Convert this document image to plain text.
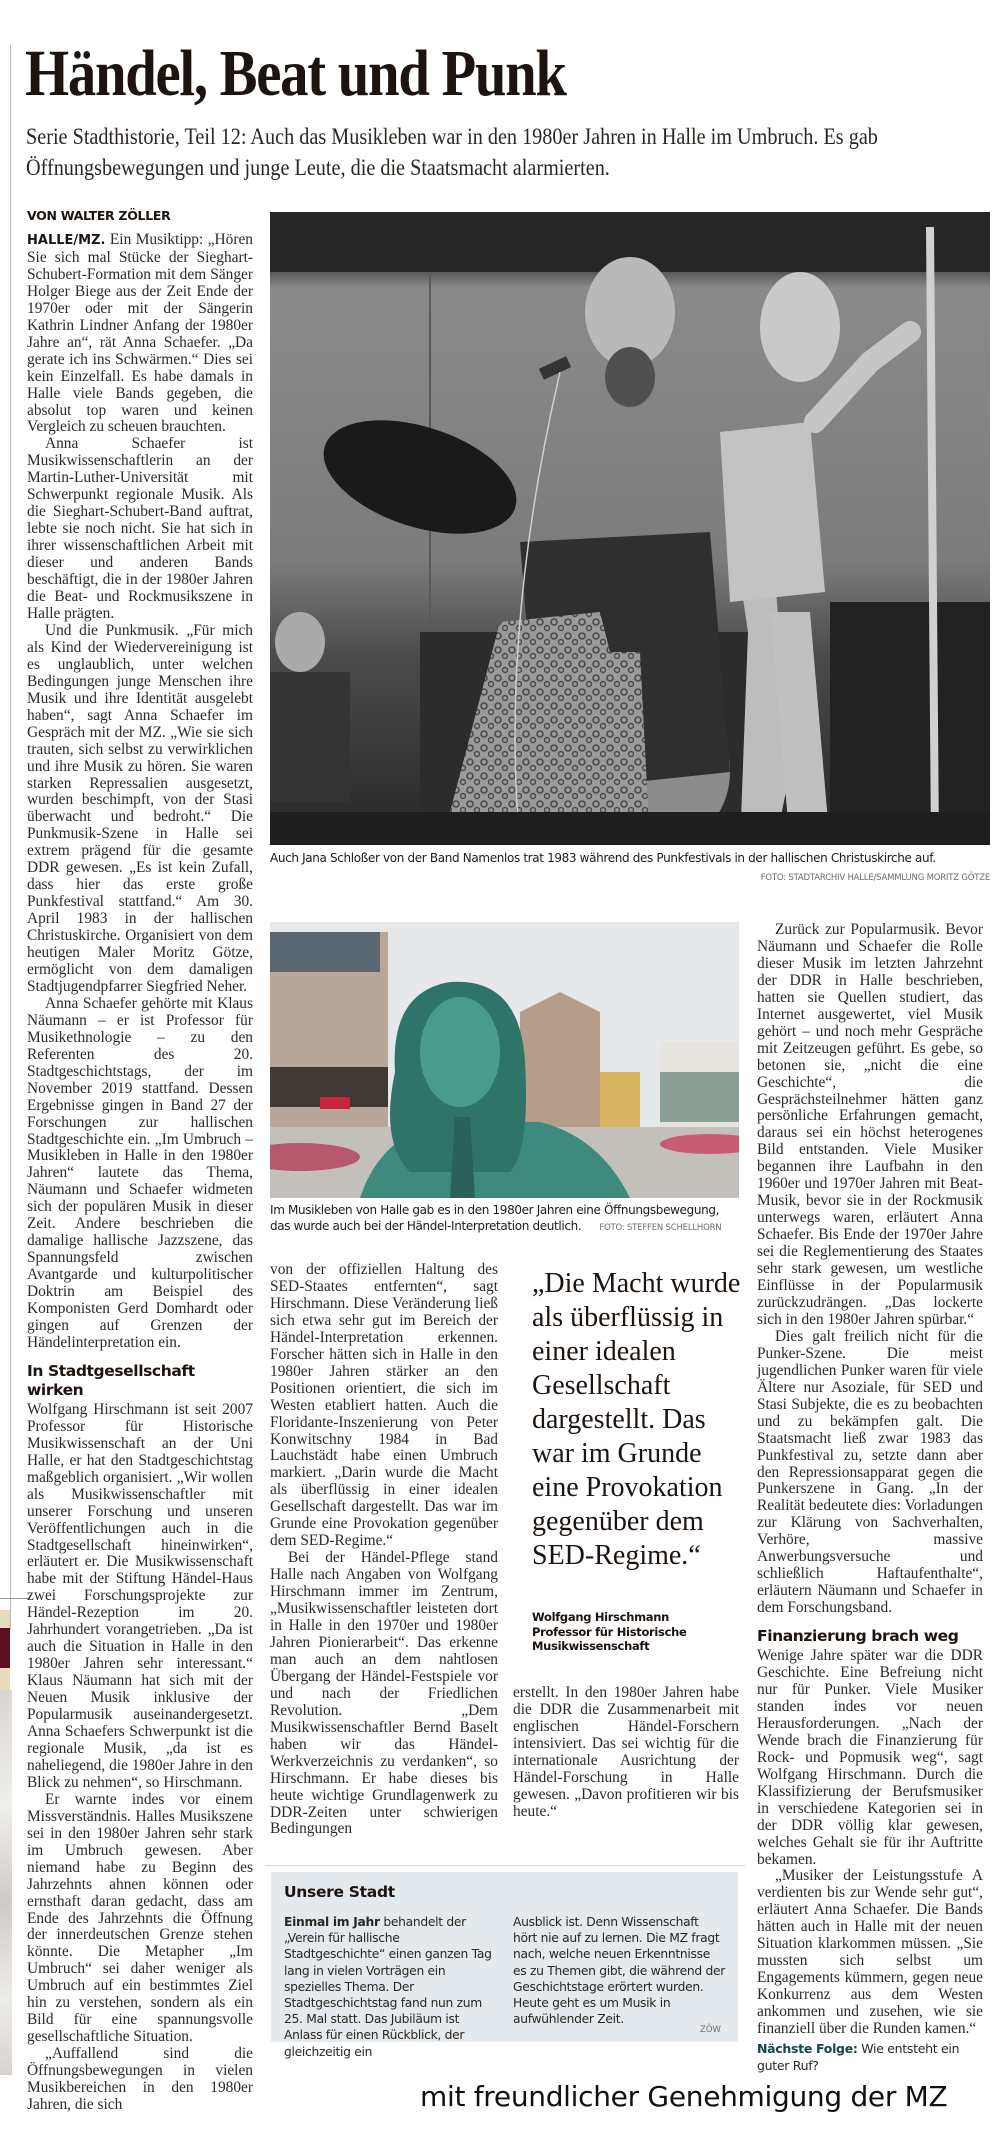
Händel, Beat und Punk
Serie Stadthistorie, Teil 12: Auch das Musikleben war in den 1980er Jahren in Halle im Umbruch. Es gab Öffnungsbewegungen und junge Leute, die die Staatsmacht alarmierten.
VON WALTER ZÖLLER

HALLE/MZ. Ein Musiktipp: „Hören Sie sich mal Stücke der Sieghart-Schubert-Formation mit dem Sänger Holger Biege aus der Zeit Ende der 1970er oder mit der Sängerin Kathrin Lindner Anfang der 1980er Jahre an“, rät Anna Schaefer. „Da gerate ich ins Schwärmen.“ Dies sei kein Einzelfall. Es habe damals in Halle viele Bands gegeben, die absolut top waren und keinen Vergleich zu scheuen brauchten.

Anna Schaefer ist Musikwissenschaftlerin an der Martin-Luther-Universität mit Schwerpunkt regionale Musik. Als die Sieghart-Schubert-Band auftrat, lebte sie noch nicht. Sie hat sich in ihrer wissenschaftlichen Arbeit mit dieser und anderen Bands beschäftigt, die in der 1980er Jahren die Beat- und Rockmusikszene in Halle prägten.

Und die Punkmusik. „Für mich als Kind der Wiedervereinigung ist es unglaublich, unter welchen Bedingungen junge Menschen ihre Musik und ihre Identität ausgelebt haben“, sagt Anna Schaefer im Gespräch mit der MZ. „Wie sie sich trauten, sich selbst zu verwirklichen und ihre Musik zu hören. Sie waren starken Repressalien ausgesetzt, wurden beschimpft, von der Stasi überwacht und bedroht.“ Die Punkmusik-Szene in Halle sei extrem prägend für die gesamte DDR gewesen. „Es ist kein Zufall, dass hier das erste große Punkfestival stattfand.“ Am 30. April 1983 in der hallischen Christuskirche. Organisiert von dem heutigen Maler Moritz Götze, ermöglicht von dem damaligen Stadtjugendpfarrer Siegfried Neher.

Anna Schaefer gehörte mit Klaus Näumann – er ist Professor für Musikethnologie – zu den Referenten des 20. Stadtgeschichtstags, der im November 2019 stattfand. Dessen Ergebnisse gingen in Band 27 der Forschungen zur hallischen Stadtgeschichte ein. „Im Umbruch – Musikleben in Halle in den 1980er Jahren“ lautete das Thema, Näumann und Schaefer widmeten sich der populären Musik in dieser Zeit. Andere beschrieben die damalige hallische Jazzszene, das Spannungsfeld zwischen Avantgarde und kulturpolitischer Doktrin am Beispiel des Komponisten Gerd Domhardt oder gingen auf Grenzen der Händelinterpretation ein.

In Stadtgesellschaft wirken

Wolfgang Hirschmann ist seit 2007 Professor für Historische Musikwissenschaft an der Uni Halle, er hat den Stadtgeschichtstag maßgeblich organisiert. „Wir wollen als Musikwissenschaftler mit unserer Forschung und unseren Veröffentlichungen auch in die Stadtgesellschaft hineinwirken“, erläutert er. Die Musikwissenschaft habe mit der Stiftung Händel-Haus zwei Forschungsprojekte zur Händel-Rezeption im 20. Jahrhundert vorangetrieben. „Da ist auch die Situation in Halle in den 1980er Jahren sehr interessant.“ Klaus Näumann hat sich mit der Neuen Musik inklusive der Popularmusik auseinandergesetzt. Anna Schaefers Schwerpunkt ist die regionale Musik, „da ist es naheliegend, die 1980er Jahre in den Blick zu nehmen“, so Hirschmann.

Er warnte indes vor einem Missverständnis. Halles Musikszene sei in den 1980er Jahren sehr stark im Umbruch gewesen. Aber niemand habe zu Beginn des Jahrzehnts ahnen können oder ernsthaft daran gedacht, dass am Ende des Jahrzehnts die Öffnung der innerdeutschen Grenze stehen könnte. Die Metapher „Im Umbruch“ sei daher weniger als Umbruch auf ein bestimmtes Ziel hin zu verstehen, sondern als ein Bild für eine spannungsvolle gesellschaftliche Situation.

„Auffallend sind die Öffnungsbewegungen in vielen Musikbereichen in den 1980er Jahren, die sich

Auch Jana Schloßer von der Band Namenlos trat 1983 während des Punkfestivals in der hallischen Christuskirche auf.
FOTO: STADTARCHIV HALLE/SAMMLUNG MORITZ GÖTZE
Im Musikleben von Halle gab es in den 1980er Jahren eine Öffnungsbewegung, das wurde auch bei der Händel-Interpretation deutlich. FOTO: STEFFEN SCHELLHORN

von der offiziellen Haltung des SED-Staates entfernten“, sagt Hirschmann. Diese Veränderung ließ sich etwa sehr gut im Bereich der Händel-Interpretation erkennen. Forscher hätten sich in Halle in den 1980er Jahren stärker an den Positionen orientiert, die sich im Westen etabliert hatten. Auch die Floridante-Inszenierung von Peter Konwitschny 1984 in Bad Lauchstädt habe einen Umbruch markiert. „Darin wurde die Macht als überflüssig in einer idealen Gesellschaft dargestellt. Das war im Grunde eine Provokation gegenüber dem SED-Regime.“

Bei der Händel-Pflege stand Halle nach Angaben von Wolfgang Hirschmann immer im Zentrum, „Musikwissenschaftler leisteten dort in Halle in den 1970er und 1980er Jahren Pionierarbeit“. Das erkenne man auch an dem nahtlosen Übergang der Händel-Festspiele vor und nach der Friedlichen Revolution. „Dem Musikwissenschaftler Bernd Baselt haben wir das Händel-Werkverzeichnis zu verdanken“, so Hirschmann. Er habe dieses bis heute wichtige Grundlagenwerk zu DDR-Zeiten unter schwierigen Bedingungen

„Die Macht wurde als überflüssig in einer idealen Gesellschaft dargestellt. Das war im Grunde eine Provokation gegenüber dem SED-Regime.“
Wolfgang Hirschmann
Professor für Historische Musikwissenschaft

erstellt. In den 1980er Jahren habe die DDR die Zusammenarbeit mit englischen Händel-Forschern intensiviert. Das sei wichtig für die internationale Ausrichtung der Händel-Forschung in Halle gewesen. „Davon profitieren wir bis heute.“

Zurück zur Popularmusik. Bevor Näumann und Schaefer die Rolle dieser Musik im letzten Jahrzehnt der DDR in Halle beschrieben, hatten sie Quellen studiert, das Internet ausgewertet, viel Musik gehört – und noch mehr Gespräche mit Zeitzeugen geführt. Es gebe, so betonen sie, „nicht die eine Geschichte“, die Gesprächsteilnehmer hätten ganz persönliche Erfahrungen gemacht, daraus sei ein höchst heterogenes Bild entstanden. Viele Musiker begannen ihre Laufbahn in den 1960er und 1970er Jahren mit Beat-Musik, bevor sie in der Rockmusik unterwegs waren, erläutert Anna Schaefer. Bis Ende der 1970er Jahre sei die Reglementierung des Staates sehr stark gewesen, um westliche Einflüsse in der Popularmusik zurückzudrängen. „Das lockerte sich in den 1980er Jahren spürbar.“

Dies galt freilich nicht für die Punker-Szene. Die meist jugendlichen Punker waren für viele Ältere nur Asoziale, für SED und Stasi Subjekte, die es zu beobachten und zu bekämpfen galt. Die Staatsmacht ließ zwar 1983 das Punkfestival zu, setzte dann aber den Repressionsapparat gegen die Punkerszene in Gang. „In der Realität bedeutete dies: Vorladungen zur Klärung von Sachverhalten, Verhöre, massive Anwerbungsversuche und schließlich Haftaufenthalte“, erläutern Näumann und Schaefer in dem Forschungsband.

Finanzierung brach weg

Wenige Jahre später war die DDR Geschichte. Eine Befreiung nicht nur für Punker. Viele Musiker standen indes vor neuen Herausforderungen. „Nach der Wende brach die Finanzierung für Rock- und Popmusik weg“, sagt Wolfgang Hirschmann. Durch die Klassifizierung der Berufsmusiker in verschiedene Kategorien sei in der DDR völlig klar gewesen, welches Gehalt sie für ihr Auftritte bekamen.

„Musiker der Leistungsstufe A verdienten bis zur Wende sehr gut“, erläutert Anna Schaefer. Die Bands hätten auch in Halle mit der neuen Situation klarkommen müssen. „Sie mussten sich selbst um Engagements kümmern, gegen neue Konkurrenz aus dem Westen ankommen und zusehen, wie sie finanziell über die Runden kamen.“

Unsere Stadt
Einmal im Jahr behandelt der „Verein für hallische Stadtgeschichte“ einen ganzen Tag lang in vielen Vorträgen ein spezielles Thema. Der Stadtgeschichtstag fand nun zum 25. Mal statt. Das Jubiläum ist Anlass für einen Rückblick, der gleichzeitig ein
Ausblick ist. Denn Wissenschaft hört nie auf zu lernen. Die MZ fragt nach, welche neuen Erkenntnisse es zu Themen gibt, die während der Geschichtstage erörtert wurden. Heute geht es um Musik in aufwühlender Zeit.
ZÖW
Nächste Folge: Wie entsteht ein guter Ruf?
mit freundlicher Genehmigung der MZ
